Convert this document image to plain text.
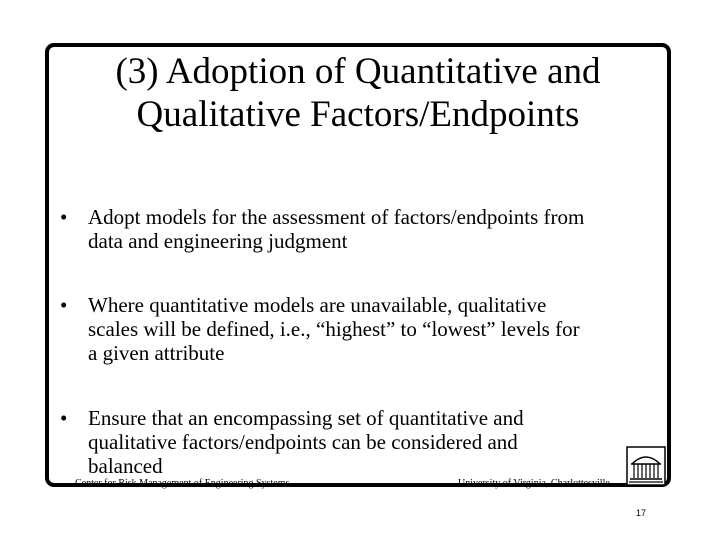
(3) Adoption of Quantitative and
Qualitative Factors/Endpoints
• Adopt models for the assessment of factors/endpoints from
data and engineering judgment
• Where quantitative models are unavailable, qualitative
scales will be defined, i.e., “highest” to “lowest” levels for
a given attribute
• Ensure that an encompassing set of quantitative and
qualitative factors/endpoints can be considered and
balanced
Center for Risk Management of Engineering Systems	University of Virginia, Charlottesville
17
